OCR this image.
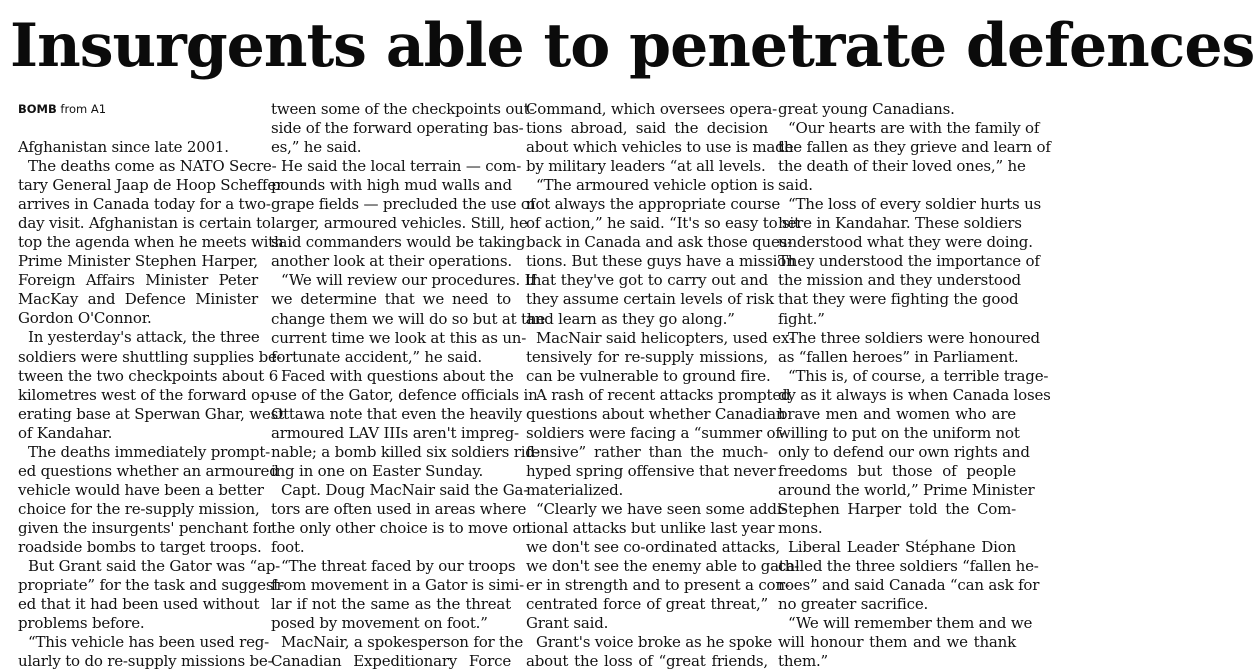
Insurgents able to penetrate defences
BOMB from A1
Afghanistan since late 2001.
The deaths come as NATO Secre-
tary General Jaap de Hoop Scheffer
arrives in Canada today for a two-
day visit. Afghanistan is certain to
top the agenda when he meets with
Prime Minister Stephen Harper,
Foreign Affairs Minister Peter
MacKay and Defence Minister
Gordon O'Connor.
In yesterday's attack, the three
soldiers were shuttling supplies be-
tween the two checkpoints about 6
kilometres west of the forward op-
erating base at Sperwan Ghar, west
of Kandahar.
The deaths immediately prompt-
ed questions whether an armoured
vehicle would have been a better
choice for the re-supply mission,
given the insurgents' penchant for
roadside bombs to target troops.
But Grant said the Gator was “ap-
propriate” for the task and suggest-
ed that it had been used without
problems before.
“This vehicle has been used reg-
ularly to do re-supply missions be-
tween some of the checkpoints out-
side of the forward operating bas-
es,” he said.
He said the local terrain — com-
pounds with high mud walls and
grape fields — precluded the use of
larger, armoured vehicles. Still, he
said commanders would be taking
another look at their operations.
“We will review our procedures. If
we determine that we need to
change them we will do so but at the
current time we look at this as un-
fortunate accident,” he said.
Faced with questions about the
use of the Gator, defence officials in
Ottawa note that even the heavily
armoured LAV IIIs aren't impreg-
nable; a bomb killed six soldiers rid-
ing in one on Easter Sunday.
Capt. Doug MacNair said the Ga-
tors are often used in areas where
the only other choice is to move on
foot.
“The threat faced by our troops
from movement in a Gator is simi-
lar if not the same as the threat
posed by movement on foot.”
MacNair, a spokesperson for the
Canadian Expeditionary Force
Command, which oversees opera-
tions abroad, said the decision
about which vehicles to use is made
by military leaders “at all levels.
“The armoured vehicle option is
not always the appropriate course
of action,” he said. “It's so easy to sit
back in Canada and ask those ques-
tions. But these guys have a mission
that they've got to carry out and
they assume certain levels of risk
and learn as they go along.”
MacNair said helicopters, used ex-
tensively for re-supply missions,
can be vulnerable to ground fire.
A rash of recent attacks prompted
questions about whether Canadian
soldiers were facing a “summer of-
fensive” rather than the much-
hyped spring offensive that never
materialized.
“Clearly we have seen some addi-
tional attacks but unlike last year
we don't see co-ordinated attacks,
we don't see the enemy able to gath-
er in strength and to present a con-
centrated force of great threat,”
Grant said.
Grant's voice broke as he spoke
about the loss of “great friends,
great young Canadians.
“Our hearts are with the family of
the fallen as they grieve and learn of
the death of their loved ones,” he
said.
“The loss of every soldier hurts us
here in Kandahar. These soldiers
understood what they were doing.
They understood the importance of
the mission and they understood
that they were fighting the good
fight.”
The three soldiers were honoured
as “fallen heroes” in Parliament.
“This is, of course, a terrible trage-
dy as it always is when Canada loses
brave men and women who are
willing to put on the uniform not
only to defend our own rights and
freedoms but those of people
around the world,” Prime Minister
Stephen Harper told the Com-
mons.
Liberal Leader Stéphane Dion
called the three soldiers “fallen he-
roes” and said Canada “can ask for
no greater sacrifice.
“We will remember them and we
will honour them and we thank
them.”
